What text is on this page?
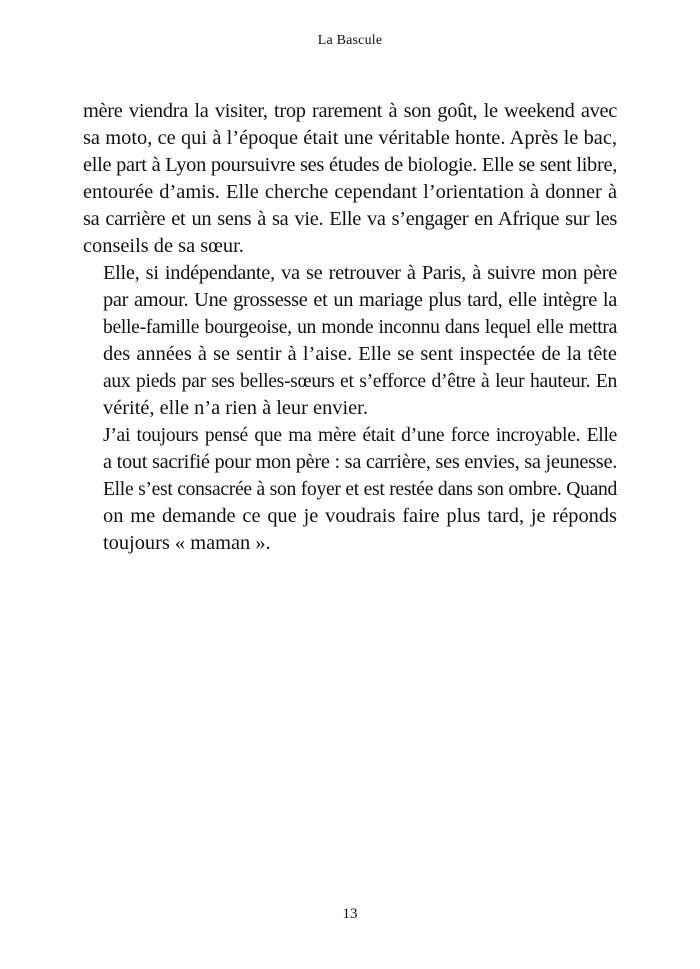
La Bascule

mère viendra la visiter, trop rarement à son goût, le weekend avec
sa moto, ce qui à l’époque était une véritable honte. Après le bac,
elle part à Lyon poursuivre ses études de biologie. Elle se sent libre,
entourée d’amis. Elle cherche cependant l’orientation à donner à
sa carrière et un sens à sa vie. Elle va s’engager en Afrique sur les
conseils de sa sœur.

Elle, si indépendante, va se retrouver à Paris, à suivre mon père
par amour. Une grossesse et un mariage plus tard, elle intègre la
belle-famille bourgeoise, un monde inconnu dans lequel elle mettra
des années à se sentir à l’aise. Elle se sent inspectée de la tête
aux pieds par ses belles-sœurs et s’efforce d’être à leur hauteur. En
vérité, elle n’a rien à leur envier.

J’ai toujours pensé que ma mère était d’une force incroyable. Elle
a tout sacrifié pour mon père : sa carrière, ses envies, sa jeunesse.
Elle s’est consacrée à son foyer et est restée dans son ombre. Quand
on me demande ce que je voudrais faire plus tard, je réponds
toujours « maman ».

13
